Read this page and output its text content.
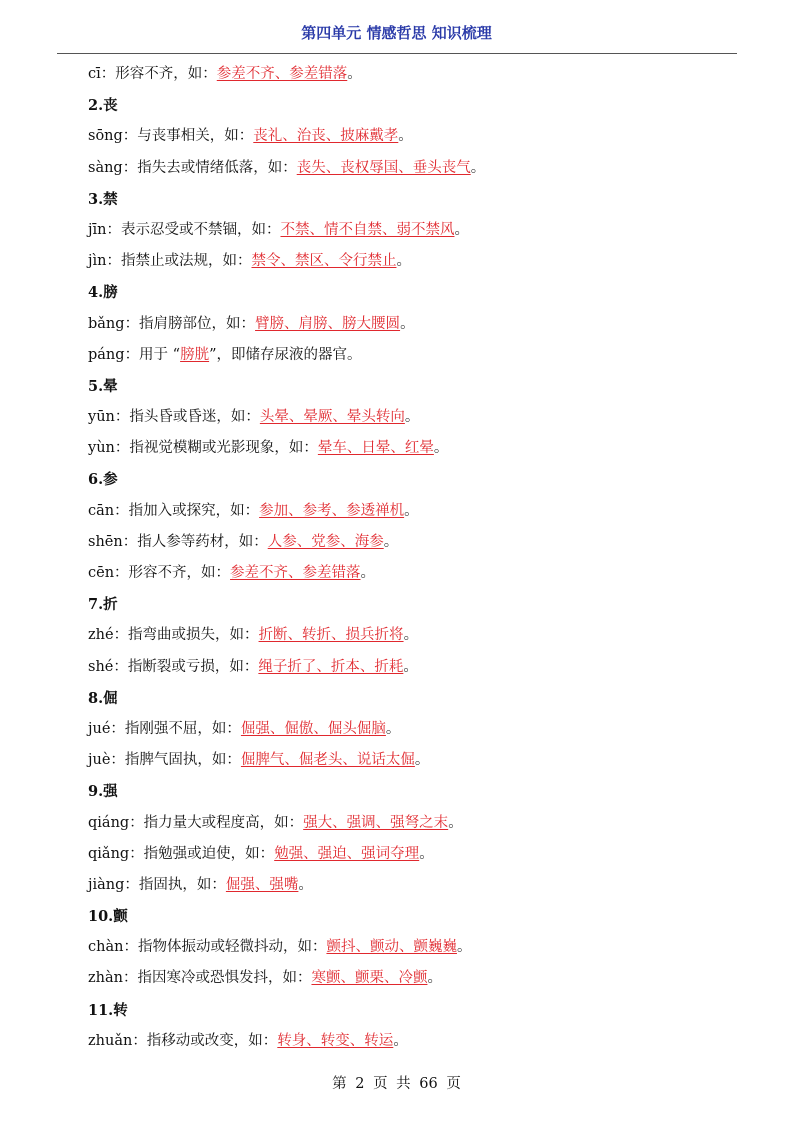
第四单元 情感哲思 知识梳理
cī：形容不齐，如：参差不齐、参差错落。
2.丧
sōng：与丧事相关，如：丧礼、治丧、披麻戴孝。
sàng：指失去或情绪低落，如：丧失、丧权辱国、垂头丧气。
3.禁
jīn：表示忍受或不禁锢，如：不禁、情不自禁、弱不禁风。
jìn：指禁止或法规，如：禁令、禁区、令行禁止。
4.膀
bǎng：指肩膀部位，如：臂膀、肩膀、膀大腰圆。
páng：用于 “膀胱”，即储存尿液的器官。
5.晕
yūn：指头昏或昏迷，如：头晕、晕厥、晕头转向。
yùn：指视觉模糊或光影现象，如：晕车、日晕、红晕。
6.参
cān：指加入或探究，如：参加、参考、参透禅机。
shēn：指人参等药材，如：人参、党参、海参。
cēn：形容不齐，如：参差不齐、参差错落。
7.折
zhé：指弯曲或损失，如：折断、转折、损兵折将。
shé：指断裂或亏损，如：绳子折了、折本、折耗。
8.倔
jué：指刚强不屈，如：倔强、倔傲、倔头倔脑。
juè：指脾气固执，如：倔脾气、倔老头、说话太倔。
9.强
qiáng：指力量大或程度高，如：强大、强调、强弩之末。
qiǎng：指勉强或迫使，如：勉强、强迫、强词夺理。
jiàng：指固执，如：倔强、强嘴。
10.颤
chàn：指物体振动或轻微抖动，如：颤抖、颤动、颤巍巍。
zhàn：指因寒冷或恐惧发抖，如：寒颤、颤栗、冷颤。
11.转
zhuǎn：指移动或改变，如：转身、转变、转运。
第 2 页 共 66 页
